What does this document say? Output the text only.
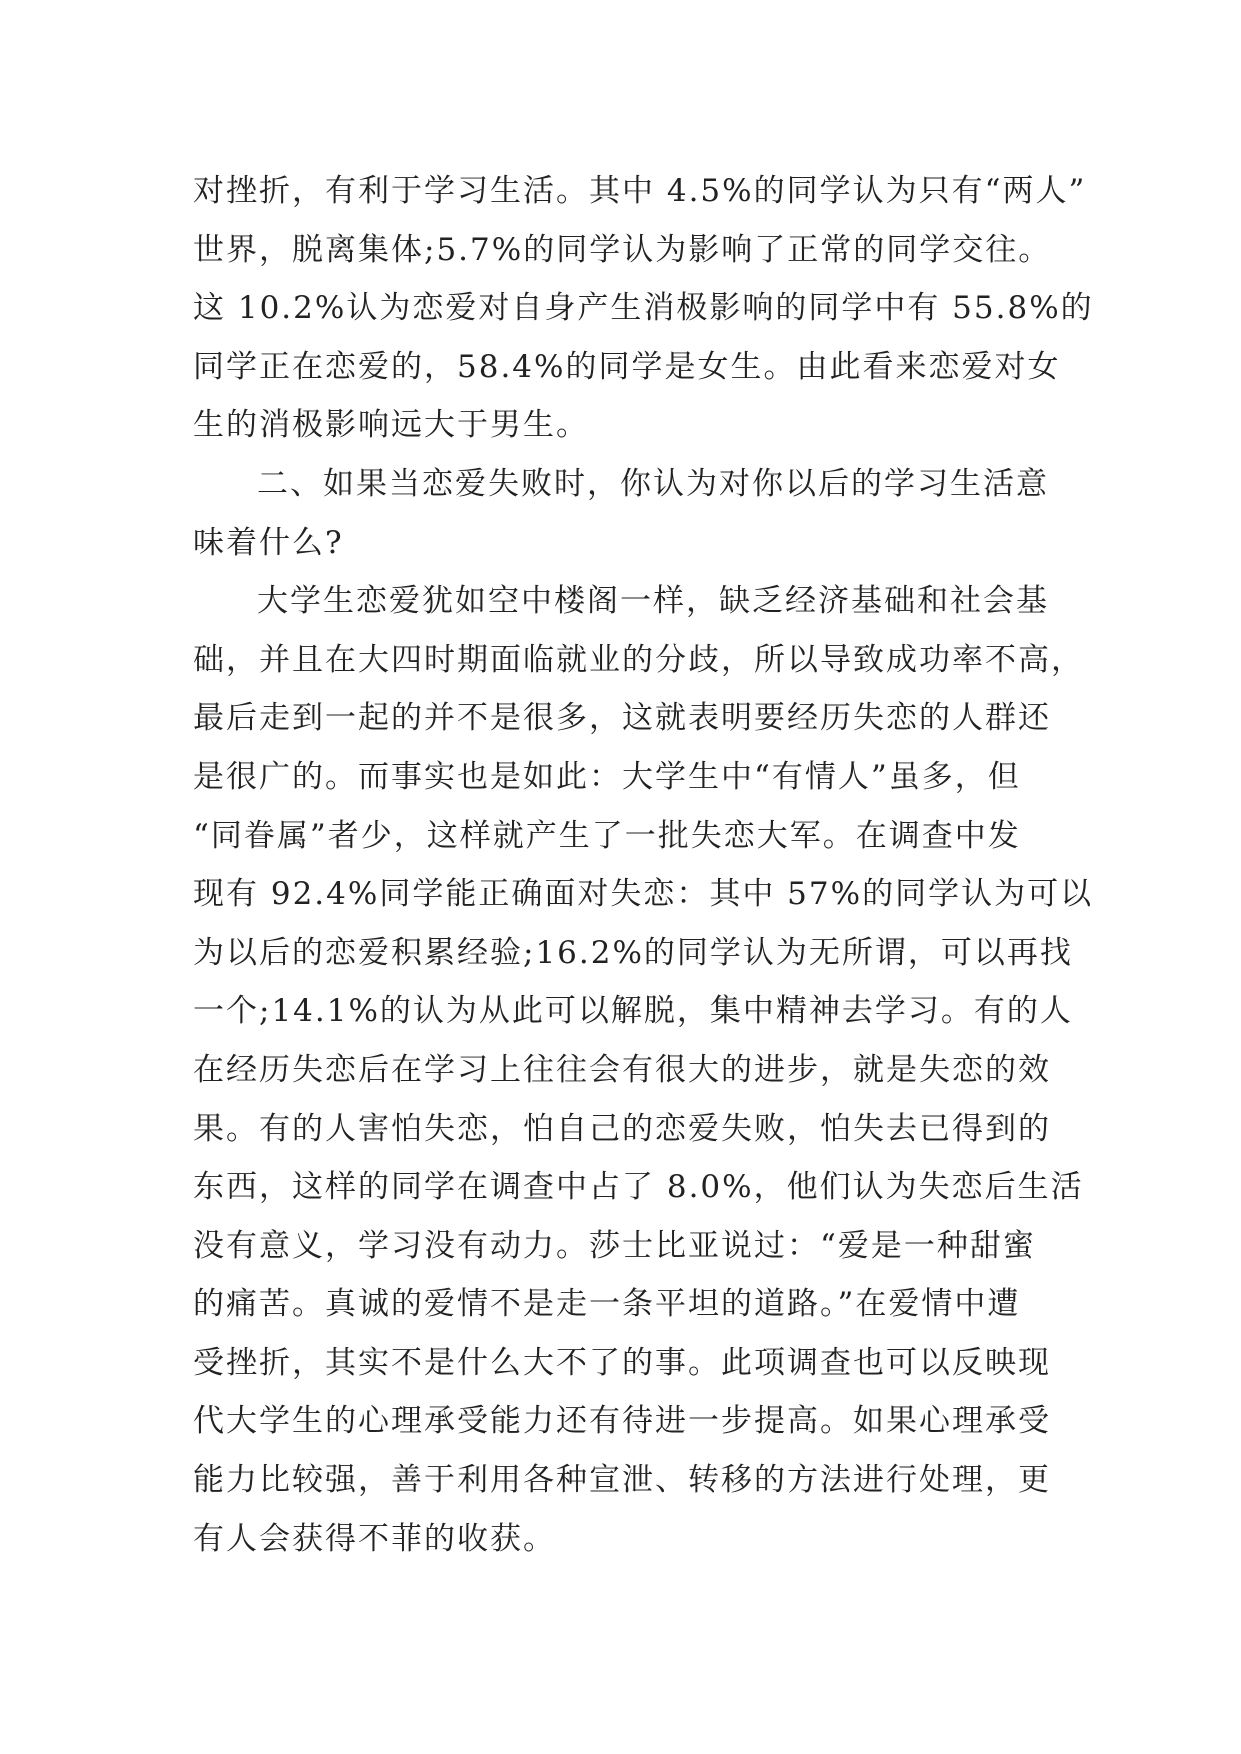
对挫折，有利于学习生活。其中 4.5%的同学认为只有“两人”
世界，脱离集体;5.7%的同学认为影响了正常的同学交往。
这 10.2%认为恋爱对自身产生消极影响的同学中有 55.8%的
同学正在恋爱的，58.4%的同学是女生。由此看来恋爱对女
生的消极影响远大于男生。
二、如果当恋爱失败时，你认为对你以后的学习生活意
味着什么?
大学生恋爱犹如空中楼阁一样，缺乏经济基础和社会基
础，并且在大四时期面临就业的分歧，所以导致成功率不高，
最后走到一起的并不是很多，这就表明要经历失恋的人群还
是很广的。而事实也是如此：大学生中“有情人”虽多，但
“同眷属”者少，这样就产生了一批失恋大军。在调查中发
现有 92.4%同学能正确面对失恋：其中 57%的同学认为可以
为以后的恋爱积累经验;16.2%的同学认为无所谓，可以再找
一个;14.1%的认为从此可以解脱，集中精神去学习。有的人
在经历失恋后在学习上往往会有很大的进步，就是失恋的效
果。有的人害怕失恋，怕自己的恋爱失败，怕失去已得到的
东西，这样的同学在调查中占了 8.0%，他们认为失恋后生活
没有意义，学习没有动力。莎士比亚说过：“爱是一种甜蜜
的痛苦。真诚的爱情不是走一条平坦的道路。”在爱情中遭
受挫折，其实不是什么大不了的事。此项调查也可以反映现
代大学生的心理承受能力还有待进一步提高。如果心理承受
能力比较强，善于利用各种宣泄、转移的方法进行处理，更
有人会获得不菲的收获。
